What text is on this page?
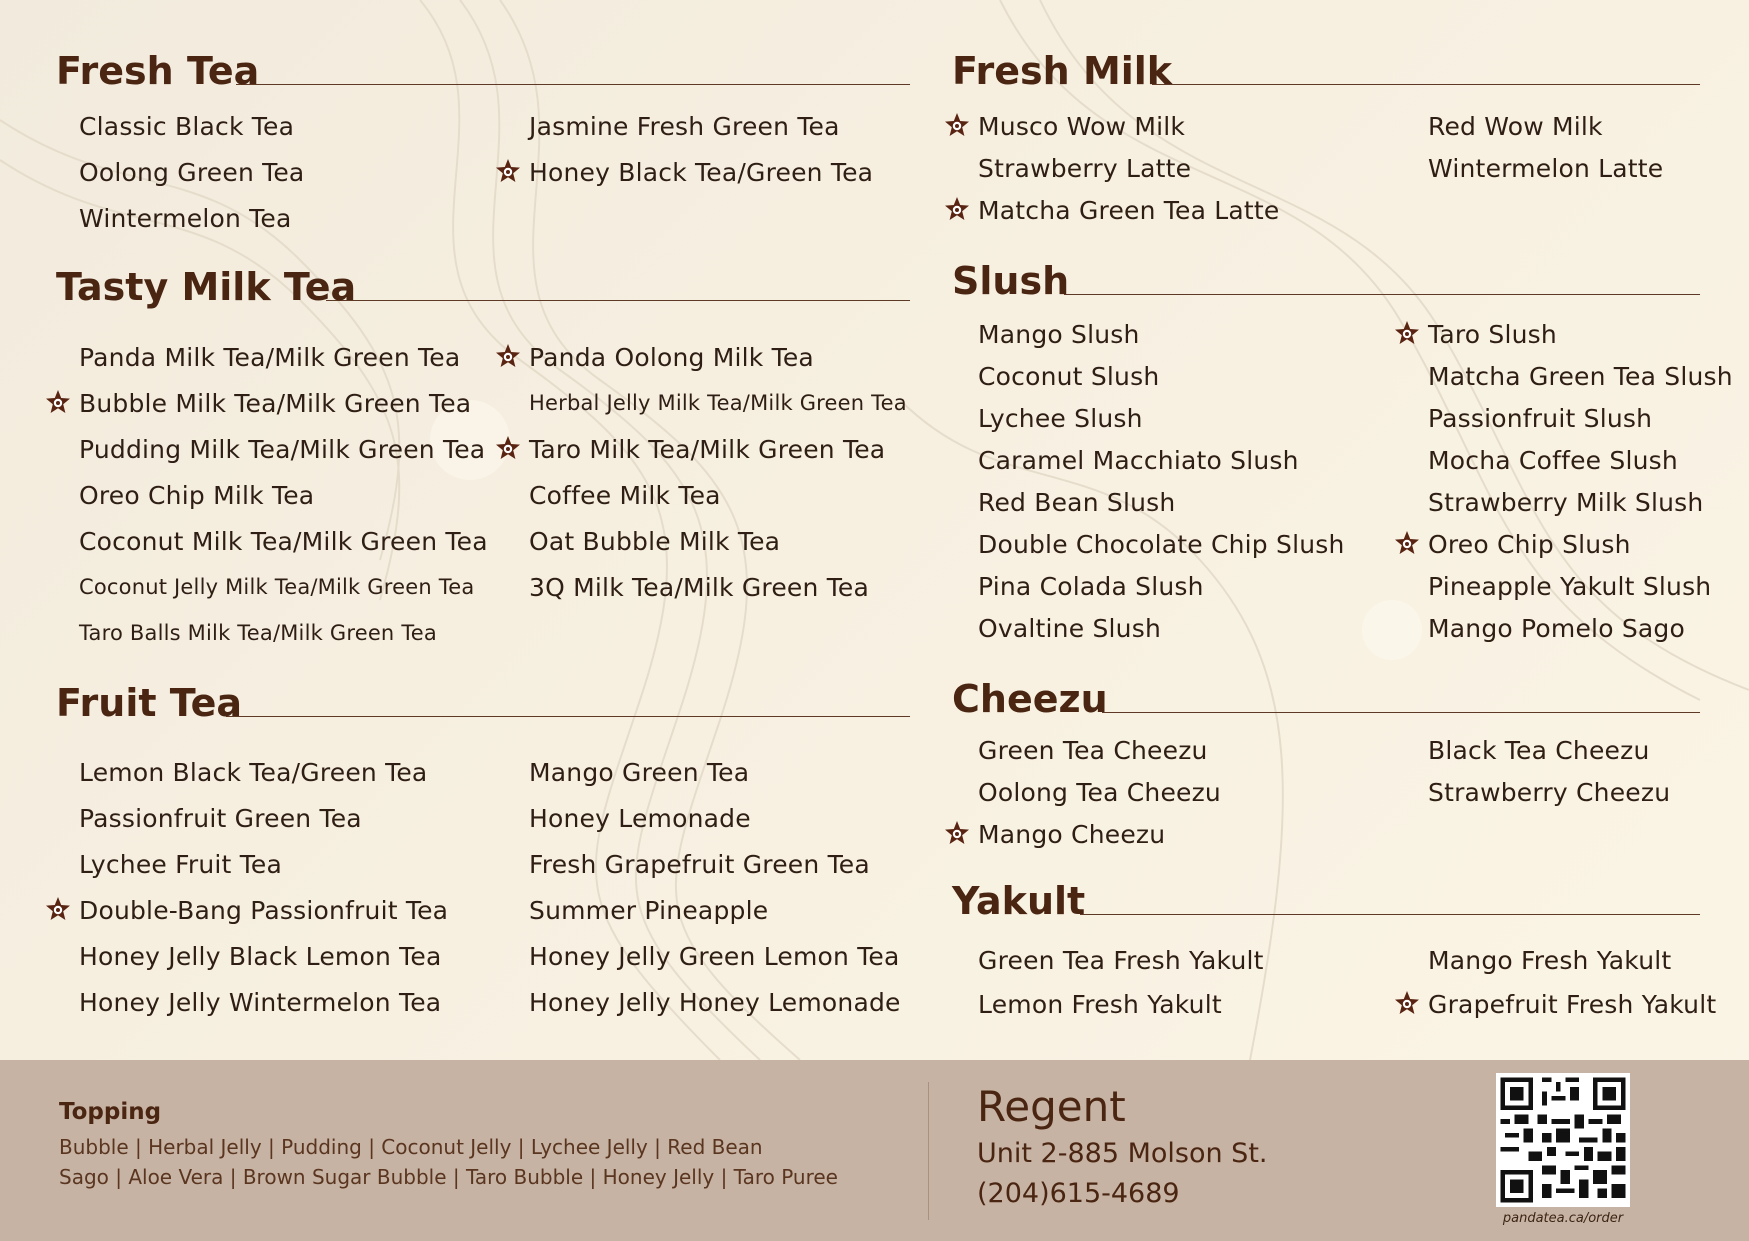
Fresh Tea
Classic Black Tea
Oolong Green Tea
Wintermelon Tea
Jasmine Fresh Green Tea
Honey Black Tea/Green Tea
Tasty Milk Tea
Panda Milk Tea/Milk Green Tea
Bubble Milk Tea/Milk Green Tea
Pudding Milk Tea/Milk Green Tea
Oreo Chip Milk Tea
Coconut Milk Tea/Milk Green Tea
Coconut Jelly Milk Tea/Milk Green Tea
Taro Balls Milk Tea/Milk Green Tea
Panda Oolong Milk Tea
Herbal Jelly Milk Tea/Milk Green Tea
Taro Milk Tea/Milk Green Tea
Coffee Milk Tea
Oat Bubble Milk Tea
3Q Milk Tea/Milk Green Tea
Fruit Tea
Lemon Black Tea/Green Tea
Passionfruit Green Tea
Lychee Fruit Tea
Double-Bang Passionfruit Tea
Honey Jelly Black Lemon Tea
Honey Jelly Wintermelon Tea
Mango Green Tea
Honey Lemonade
Fresh Grapefruit Green Tea
Summer Pineapple
Honey Jelly Green Lemon Tea
Honey Jelly Honey Lemonade
Fresh Milk
Musco Wow Milk
Strawberry Latte
Matcha Green Tea Latte
Red Wow Milk
Wintermelon Latte
Slush
Mango Slush
Coconut Slush
Lychee Slush
Caramel Macchiato Slush
Red Bean Slush
Double Chocolate Chip Slush
Pina Colada Slush
Ovaltine Slush
Taro Slush
Matcha Green Tea Slush
Passionfruit Slush
Mocha Coffee Slush
Strawberry Milk Slush
Oreo Chip Slush
Pineapple Yakult Slush
Mango Pomelo Sago
Cheezu
Green Tea Cheezu
Oolong Tea Cheezu
Mango Cheezu
Black Tea Cheezu
Strawberry Cheezu
Yakult
Green Tea Fresh Yakult
Lemon Fresh Yakult
Mango Fresh Yakult
Grapefruit Fresh Yakult
Topping
Bubble | Herbal Jelly | Pudding | Coconut Jelly | Lychee Jelly | Red Bean
Sago | Aloe Vera | Brown Sugar Bubble | Taro Bubble | Honey Jelly | Taro Puree
Regent
Unit 2-885 Molson St.
(204)615-4689
pandatea.ca/order
